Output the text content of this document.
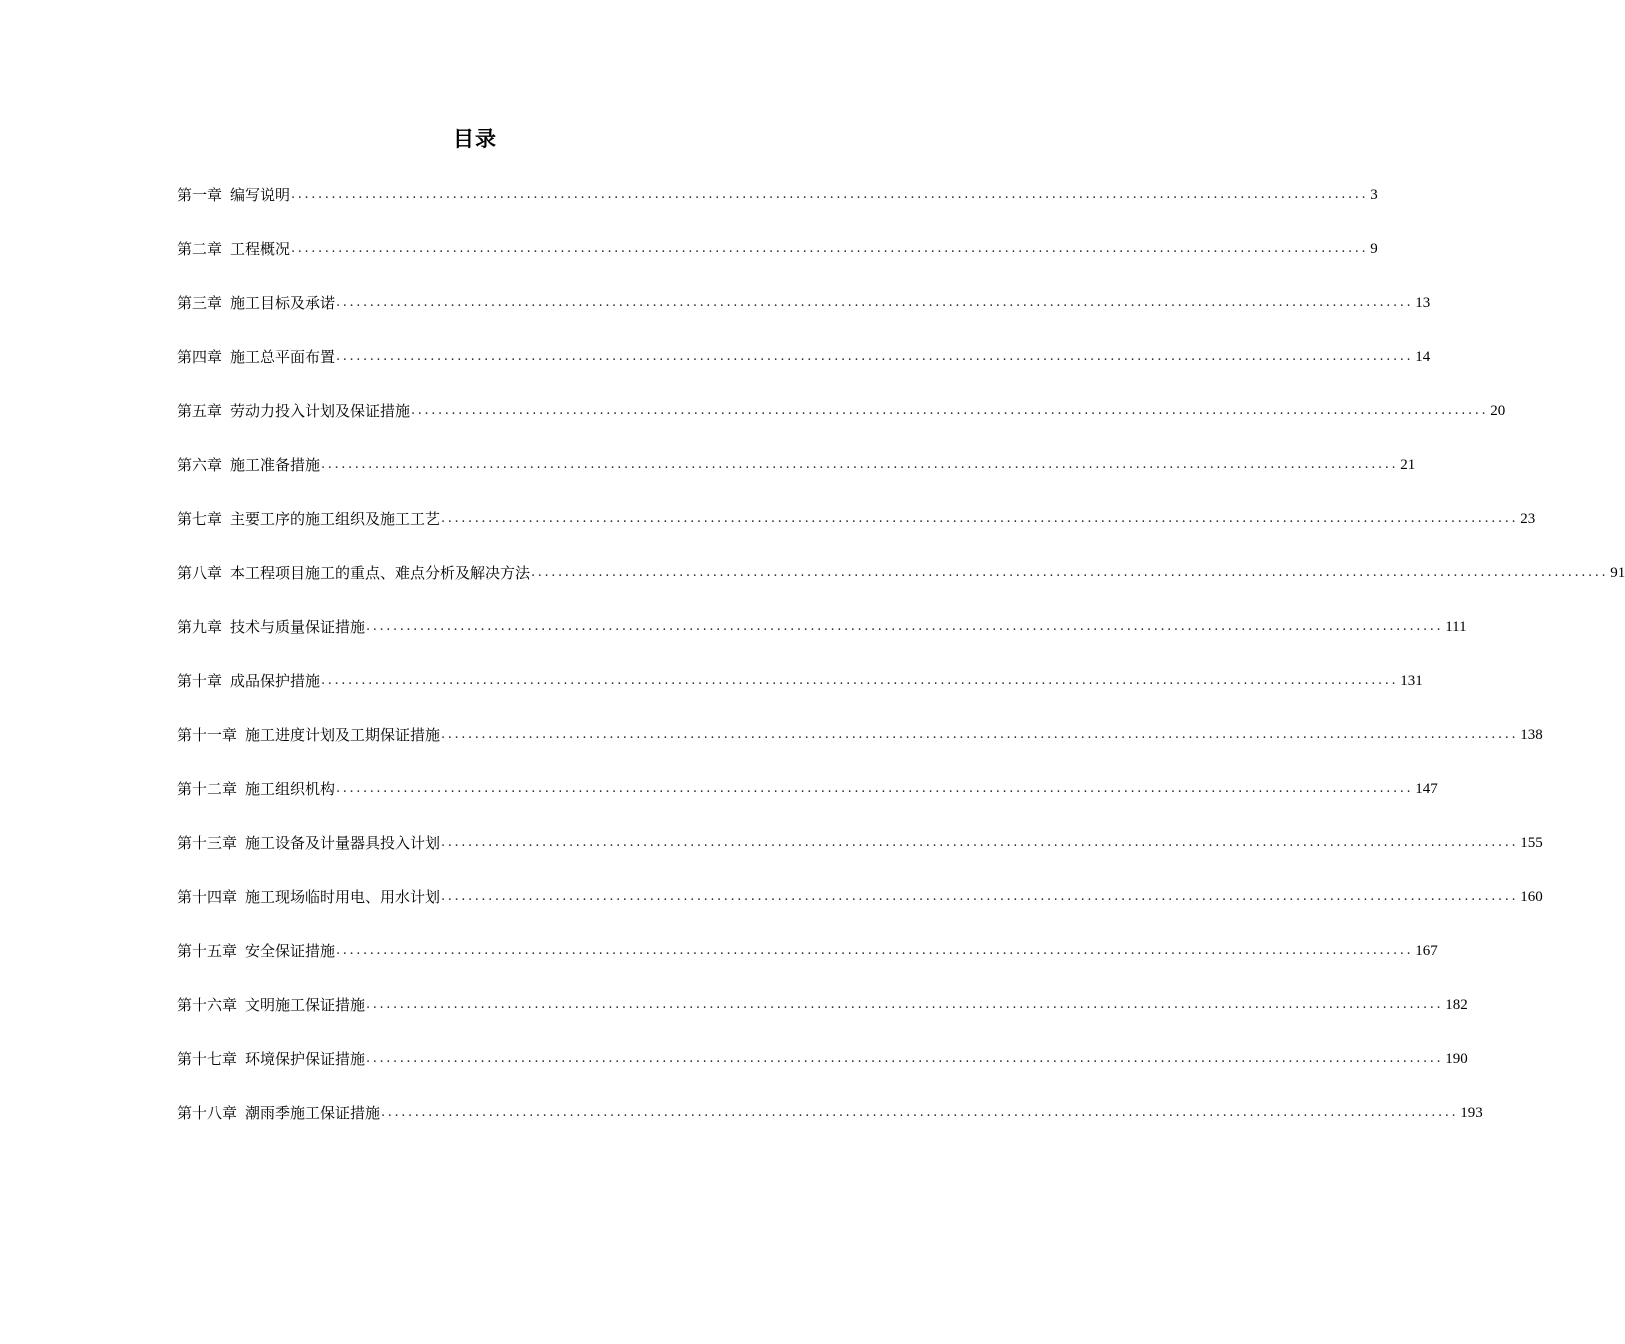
目录
第一章 编写说明 ................................................................................................................................................................ 3
第二章 工程概况 ................................................................................................................................................................ 9
第三章 施工目标及承诺 ................................................................................................................................................................ 13
第四章 施工总平面布置 ................................................................................................................................................................ 14
第五章 劳动力投入计划及保证措施 ................................................................................................................................................................ 20
第六章 施工准备措施 ................................................................................................................................................................ 21
第七章 主要工序的施工组织及施工工艺 ................................................................................................................................................................ 23
第八章 本工程项目施工的重点、难点分析及解决方法 ................................................................................................................................................................ 91
第九章 技术与质量保证措施 ................................................................................................................................................................ 111
第十章 成品保护措施 ................................................................................................................................................................ 131
第十一章 施工进度计划及工期保证措施 ................................................................................................................................................................ 138
第十二章 施工组织机构 ................................................................................................................................................................ 147
第十三章 施工设备及计量器具投入计划 ................................................................................................................................................................ 155
第十四章 施工现场临时用电、用水计划 ................................................................................................................................................................ 160
第十五章 安全保证措施 ................................................................................................................................................................ 167
第十六章 文明施工保证措施 ................................................................................................................................................................ 182
第十七章 环境保护保证措施 ................................................................................................................................................................ 190
第十八章 潮雨季施工保证措施 ................................................................................................................................................................ 193
